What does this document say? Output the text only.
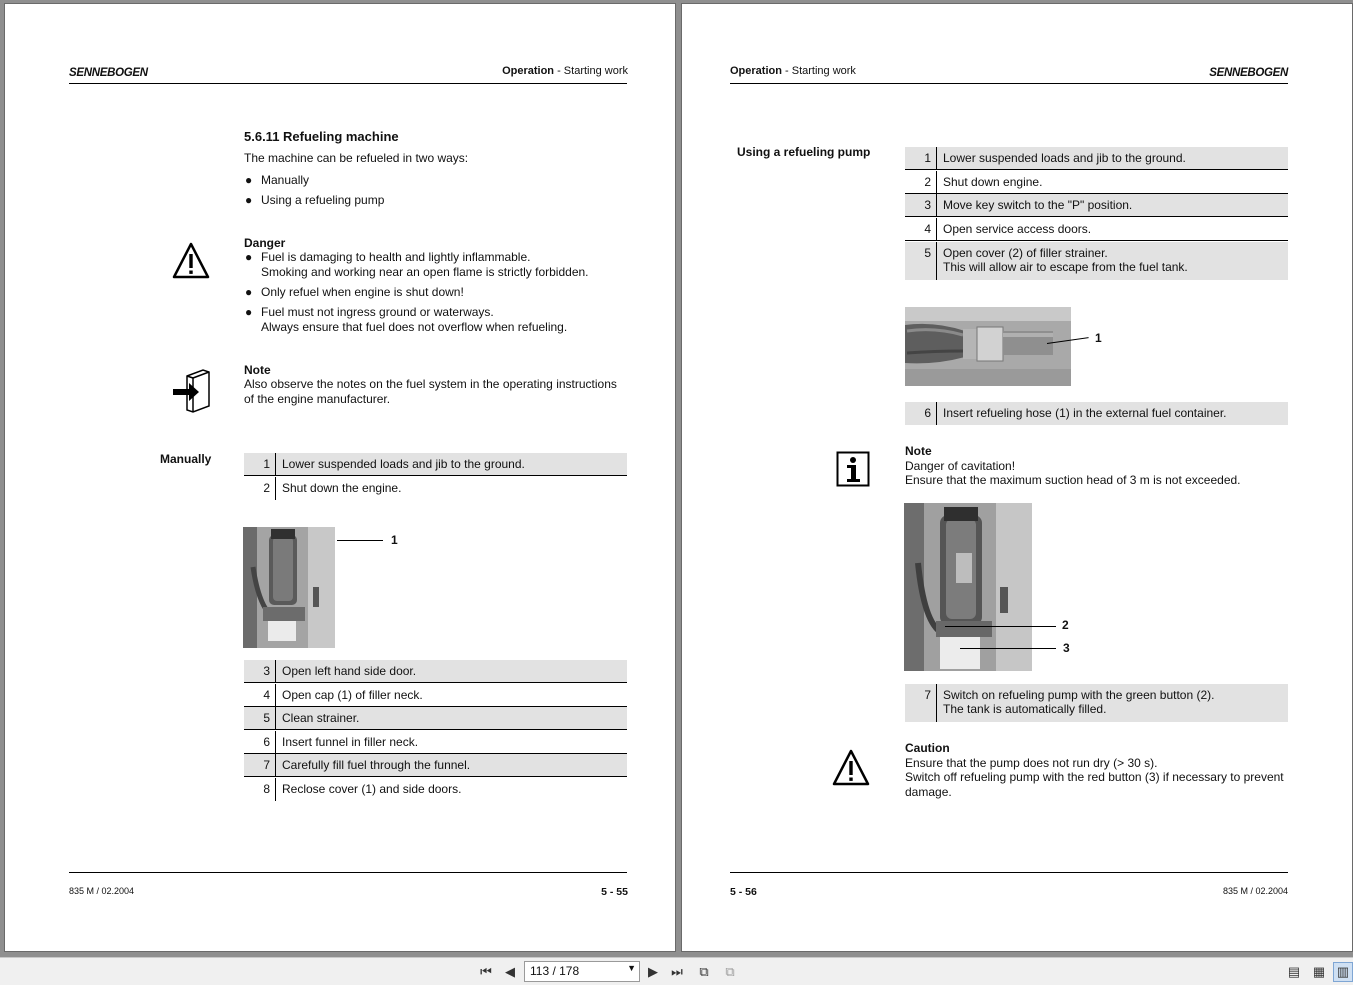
SENNEBOGEN	Operation - Starting work
5.6.11 Refueling machine
The machine can be refueled in two ways:
● Manually
● Using a refueling pump
Danger
● Fuel is damaging to health and lightly inflammable.
Smoking and working near an open flame is strictly forbidden.
● Only refuel when engine is shut down!
● Fuel must not ingress ground or waterways.
Always ensure that fuel does not overflow when refueling.
Note
Also observe the notes on the fuel system in the operating instructions
of the engine manufacturer.
Manually	1 Lower suspended loads and jib to the ground.
2 Shut down the engine.
1
3 Open left hand side door.
4 Open cap (1) of filler neck.
5 Clean strainer.
6 Insert funnel in filler neck.
7 Carefully fill fuel through the funnel.
8 Reclose cover (1) and side doors.
835 M / 02.2004	5 - 55
Operation - Starting work	SENNEBOGEN
Using a refueling pump	1 Lower suspended loads and jib to the ground.
2 Shut down engine.
3 Move key switch to the "P" position.
4 Open service access doors.
5 Open cover (2) of filler strainer.
This will allow air to escape from the fuel tank.
1
6 Insert refueling hose (1) in the external fuel container.
Note
Danger of cavitation!
Ensure that the maximum suction head of 3 m is not exceeded.
2
3
7 Switch on refueling pump with the green button (2).
The tank is automatically filled.
Caution
Ensure that the pump does not run dry (> 30 s).
Switch off refueling pump with the red button (3) if necessary to prevent
damage.
5 - 56	835 M / 02.2004
⏮	◀	113 / 178	▼ ▶	⏭	⧉	⧉	▤ ▦ ▥
